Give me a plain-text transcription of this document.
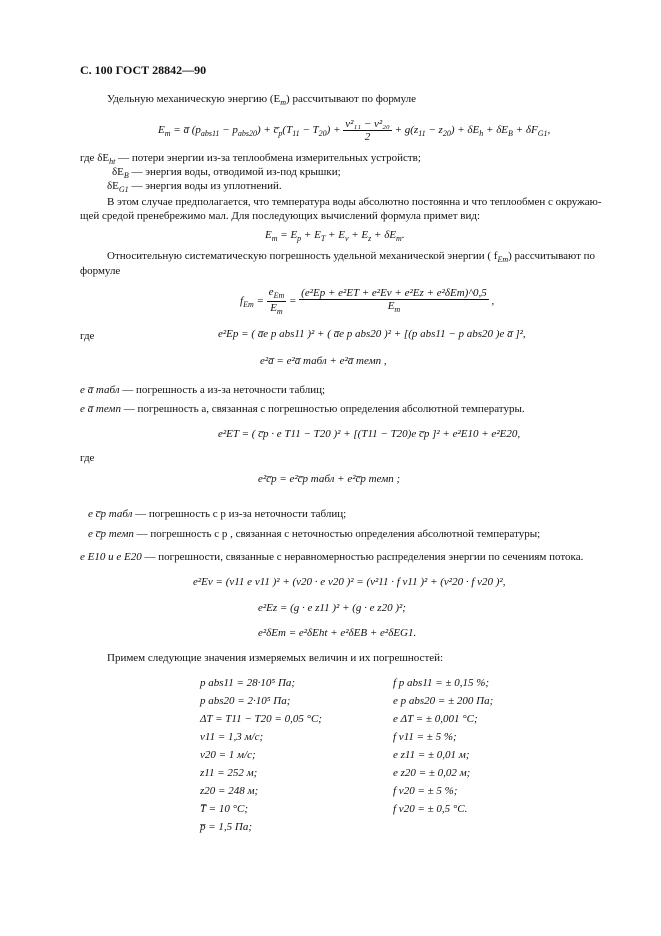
С. 100 ГОСТ 28842—90
Удельную механическую энергию $(E_m)$ рассчитывают по формуле
$E_m$ = a̅ $(p_{abs11} - p_{abs20})$ + $c̅_p(T_{11} - T_{20}) + \frac{\text{v²₁₁ − v²₂₀}}{2} + g(z_{11} - z_{20}) + \delta E_h + \delta E_B + \delta F_{G1}$,
где $\delta E_{ht}$ — потери энергии из-за теплообмена измерительных устройств;
$\delta E_B$ — энергия воды, отводимой из-под крышки;
$\delta E_{G1}$ — энергия воды из уплотнений.
В этом случае предполагается, что температура воды абсолютно постоянна и что теплообмен с окружаю-щей средой пренебрежимо мал. Для последующих вычислений формула примет вид:
$E_m = E_p + E_T + E_v + E_z + \delta E_m$.
Относительную систематическую погрешность удельной механической энергии ( $f_{Em}$) рассчитывают по
формуле
$f_{Em} = \frac{e_{Em}}{E_m} = \frac{\text{(e²Ep + e²ET + e²Ev + e²Ez + e²δEm)\textasciicircum{}0,5}}{E_m}$ ,
где	e²Ep = ( a̅e p abs11 )² + ( a̅e p abs20 )² + [(p abs11 − p abs20 )e a̅ ]²,
e²a̅ = e²a̅ табл + e²a̅ темп ,
e a̅ табл — погрешность a из-за неточности таблиц;
e a̅ темп — погрешность a, связанная с погрешностью определения абсолютной температуры.
e²ET = ( c̅p · e T11 − T20 )² + [(T11 − T20)e c̅p ]² + e²E10 + e²E20,
где
e²c̅p = e²c̅p табл + e²c̅p темп ;
e c̅p табл — погрешность c p из-за неточности таблиц;
e c̅p темп — погрешность c p , связанная с неточностью определения абсолютной температуры;
e E10 и e E20 — погрешности, связанные с неравномерностью распределения энергии по сечениям потока.
e²Ev = (v11 e v11 )² + (v20 · e v20 )² = (v²11 · f v11 )² + (v²20 · f v20 )²,
e²Ez = (g · e z11 )² + (g · e z20 )²;
e²δEm = e²δEht + e²δEB + e²δEG1.
Примем следующие значения измеряемых величин и их погрешностей:
p abs11 = 28·10⁵ Па;
p abs20 = 2·10⁵ Па;
ΔT = T11 − T20 = 0,05 °C;
v11 = 1,3 м/с;
v20 = 1 м/с;
z11 = 252 м;
z20 = 248 м;
T̅ = 10 °C;
p̅ = 1,5 Па;
f p abs11 = ± 0,15 %;
e p abs20 = ± 200 Па;
e ΔT = ± 0,001 °C;
f v11 = ± 5 %;
e z11 = ± 0,01 м;
e z20 = ± 0,02 м;
f v20 = ± 5 %;
f v20 = ± 0,5 °C.
